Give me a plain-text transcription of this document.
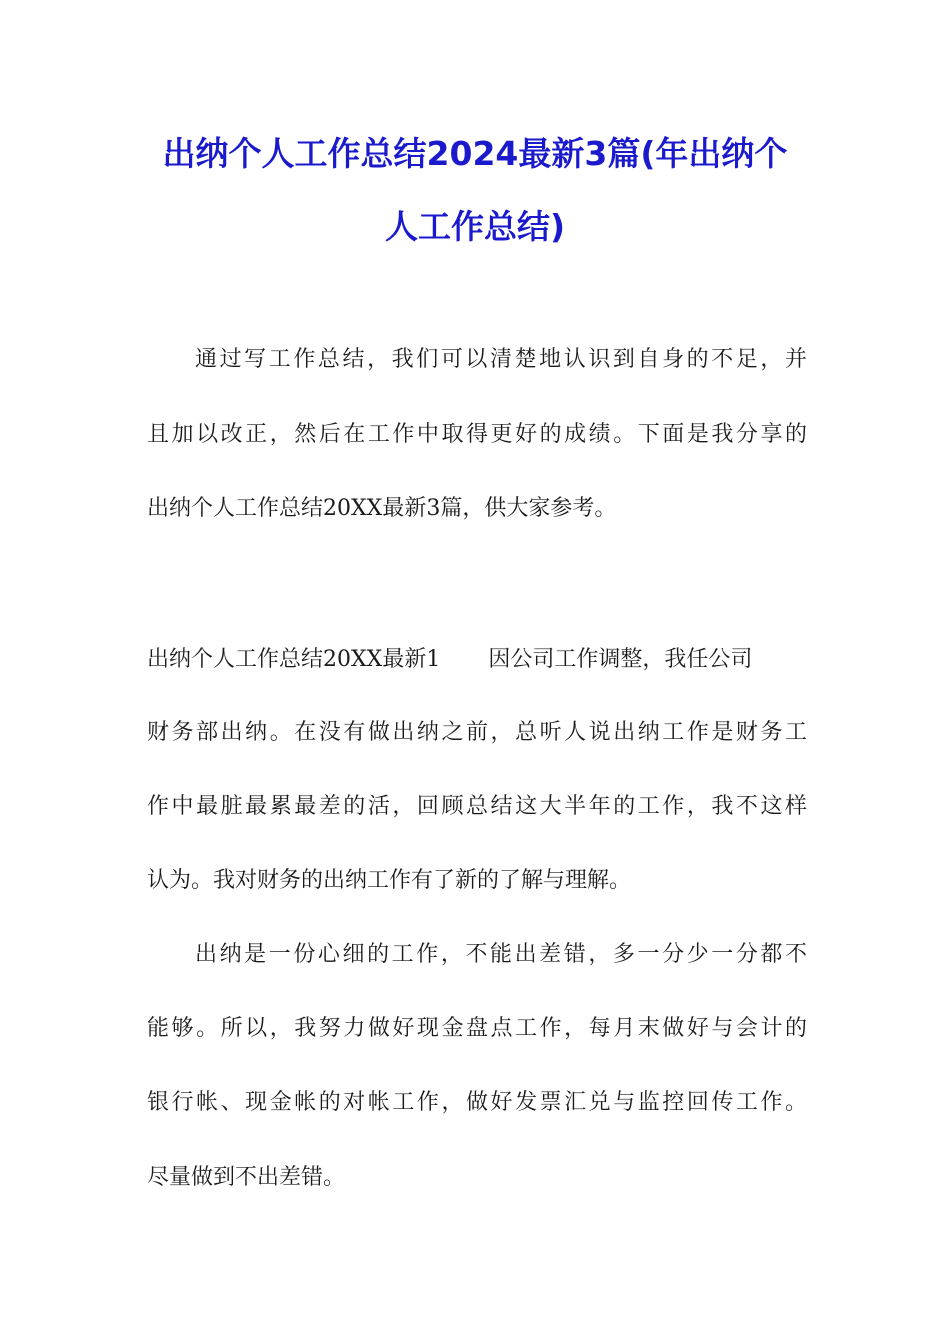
出纳个人工作总结2024最新3篇(年出纳个
人工作总结)
通过写工作总结，我们可以清楚地认识到自身的不足，并
且加以改正，然后在工作中取得更好的成绩。下面是我分享的
出纳个人工作总结20XX最新3篇，供大家参考。
出纳个人工作总结20XX最新1 因公司工作调整，我任公司
财务部出纳。在没有做出纳之前，总听人说出纳工作是财务工
作中最脏最累最差的活，回顾总结这大半年的工作，我不这样
认为。我对财务的出纳工作有了新的了解与理解。
出纳是一份心细的工作，不能出差错，多一分少一分都不
能够。所以，我努力做好现金盘点工作，每月末做好与会计的
银行帐、现金帐的对帐工作，做好发票汇兑与监控回传工作。
尽量做到不出差错。
